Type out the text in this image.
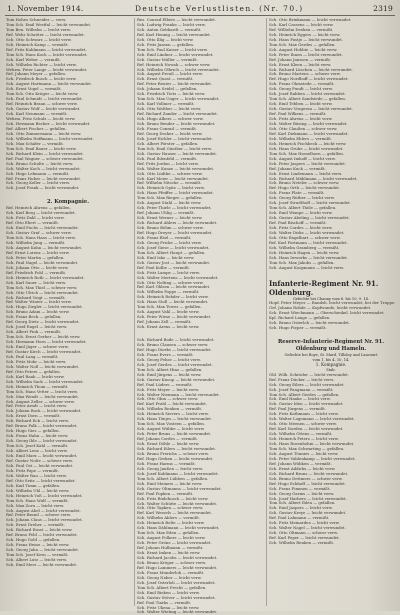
1. November 1914.	Deutsche Verlustlisten. (Nr. 70.)	2319
Tom Hohes Schneider — verw.
Tom Sch. Emil Westfal — leicht verwundet.
Tom Ben. Wilhelm — leicht verw.
Ref. Wehr Schröter — leicht verwundet.
Sch. Otto Schwarz — leicht verw.
Sch. Heinrich Kamp — vermißt.
Ref. Fritz Kuhlmann — leicht verwundet.
Tom Sch. Hans Koch — leicht verwundet.
Sch. Karl Weber — vermißt.
Sch. Wilhelm Richter — leicht verw.
Wehrm. Peter Lange — leicht verwundet.
Ref. Johann Meyer — gefallen.
Sch. Friedrich Busch — leicht verw.
Sch. August Hartmann — leicht verwundet.
Sch. Ernst Vogel — vermißt.
Tom Sch. Otto Krüger — leicht verw.
Sch. Paul Schmidt — leicht verwundet.
Ref. Heinrich Braun — schwer verw.
Sch. Gustav Wolf — leicht verwundet.
Sch. Karl Neumann — vermißt.
Wehrm. Fritz Schulz — leicht verw.
Sch. Hermann Becker — leicht verwundet.
Ref. Albert Fischer — gefallen.
Sch. Otto Zimmermann — leicht verw.
Sch. Wilhelm Hoffmann — leicht verwundet.
Sch. Max Schäfer — vermißt.
Tom Sch. Emil Bauer — leicht verw.
Sch. Richard Klein — leicht verwundet.
Ref. Paul Wagner — schwer verwundet.
Sch. Bruno Schulte — leicht verw.
Sch. Walter Koch — leicht verwundet.
Sch. Hugo Lehmann — vermißt.
Ref. Franz Huber — leicht verwundet.
Sch. Georg Keller — leicht verw.
Sch. Josef Frank — leicht verwundet.
2. Kompagnie.
Ref. Heinrich Ahrens — gefallen.
Sch. Karl Berg — leicht verwundet.
Sch. Fritz Dahl — leicht verw.
Ref. Otto Ebert — vermißt.
Sch. Emil Fuchs — leicht verwundet.
Sch. Gustav Graf — schwer verw.
Tom Sch. Hans Haas — leicht verw.
Sch. Wilhelm Jung — vermißt.
Sch. August Kuhn — leicht verwundet.
Ref. Ernst Lorenz — leicht verw.
Sch. Peter Martin — gefallen.
Sch. Paul Nagel — leicht verwundet.
Sch. Johann Otto — leicht verw.
Ref. Friedrich Pohl — vermißt.
Sch. Heinrich Roth — leicht verwundet.
Sch. Karl Sauer — leicht verw.
Tom Sch. Max Thiel — schwer verw.
Sch. Otto Ulrich — leicht verwundet.
Sch. Richard Voigt — vermißt.
Ref. Walter Winter — leicht verw.
Sch. Hugo Ziegler — leicht verwundet.
Sch. Bruno Adam — leicht verw.
Sch. Franz Beck — gefallen.
Ref. Georg Dietz — leicht verwundet.
Sch. Josef Engel — leicht verw.
Sch. Albert Fink — vermißt.
Tom Sch. Ernst Gerber — leicht verw.
Sch. Hermann Horn — leicht verwundet.
Sch. Emil Jäger — schwer verw.
Ref. Gustav Kirch — leicht verwundet.
Sch. Paul Lang — vermißt.
Sch. Fritz Mohr — leicht verw.
Sch. Walter Noll — leicht verwundet.
Ref. Otto Peters — gefallen.
Sch. Karl Raab — leicht verw.
Sch. Wilhelm Sack — leicht verwundet.
Sch. Heinrich Thom — vermißt.
Tom Sch. Hans Vetter — leicht verw.
Sch. Max Wendt — leicht verwundet.
Sch. August Zeller — schwer verw.
Ref. Peter Arndt — leicht verw.
Sch. Johann Bock — leicht verwundet.
Sch. Ernst Dorn — vermißt.
Sch. Richard Eck — leicht verw.
Ref. Bruno Falk — leicht verwundet.
Sch. Hugo Gies — gefallen.
Sch. Franz Hahn — leicht verw.
Sch. Georg Ihle — leicht verwundet.
Tom Sch. Josef Kahl — vermißt.
Sch. Albert Lenz — leicht verw.
Sch. Emil Marx — leicht verwundet.
Ref. Gustav Nolte — schwer verw.
Sch. Paul Ost — leicht verwundet.
Sch. Fritz Pape — vermißt.
Sch. Walter Rau — leicht verw.
Ref. Otto Seitz — leicht verwundet.
Sch. Karl Timm — gefallen.
Sch. Wilhelm Uhl — leicht verw.
Sch. Heinrich Voß — leicht verwundet.
Tom Sch. Hans Wulf — vermißt.
Sch. Max Zorn — leicht verw.
Sch. August Abel — leicht verwundet.
Ref. Peter Brand — schwer verw.
Sch. Johann Claus — leicht verwundet.
Sch. Ernst Dreher — vermißt.
Sch. Richard Ernst — leicht verw.
Ref. Bruno Feld — leicht verwundet.
Sch. Hugo Gold — gefallen.
Sch. Franz Heine — leicht verw.
Sch. Georg Jahn — leicht verwundet.
Tom Sch. Josef Kern — vermißt.
Sch. Albert Lutz — leicht verw.
Sch. Emil Merz — leicht verwundet.
Res. Conrad Elbers — leicht verwundet.
Sch. Ludwig Franke — leicht verw.
Sch. Anton Gebhardt — vermißt.
Ref. Karl Hennig — leicht verwundet.
Sch. Otto Illig — leicht verw.
Sch. Fritz Jansen — gefallen.
Tom Sch. Paul Kaiser — leicht verw.
Sch. Emil Lindner — leicht verwundet.
Sch. Gustav Müller — vermißt.
Ref. Heinrich Nowak — schwer verw.
Sch. Wilhelm Olbrich — leicht verwundet.
Sch. August Preuß — leicht verw.
Sch. Ernst Quast — vermißt.
Ref. Peter Reuter — leicht verwundet.
Sch. Johann Seidel — gefallen.
Sch. Friedrich Tietz — leicht verw.
Tom Sch. Max Unger — leicht verwundet.
Sch. Karl Vollmer — vermißt.
Sch. Otto Walther — leicht verw.
Ref. Richard Zander — leicht verwundet.
Sch. Hugo Albers — schwer verw.
Sch. Bruno Bender — leicht verwundet.
Sch. Franz Conrad — vermißt.
Ref. Georg Decker — leicht verw.
Sch. Josef Eichler — leicht verwundet.
Sch. Albert Förster — gefallen.
Tom Sch. Emil Günther — leicht verw.
Sch. Gustav Hauser — leicht verwundet.
Sch. Paul Ihlenfeld — vermißt.
Ref. Fritz Jordan — leicht verw.
Sch. Walter Kunze — leicht verwundet.
Sch. Otto Lüdtke — schwer verw.
Sch. Karl Meier — leicht verwundet.
Ref. Wilhelm Nitsche — vermißt.
Sch. Heinrich Opitz — leicht verw.
Sch. Hans Pfeiffer — leicht verwundet.
Tom Sch. Max Rieger — gefallen.
Sch. August Stahl — leicht verw.
Sch. Peter Thiele — leicht verwundet.
Ref. Johann Uhlig — vermißt.
Sch. Ernst Werner — leicht verw.
Sch. Richard Ahlers — leicht verwundet.
Sch. Bruno Böhm — schwer verw.
Ref. Hugo Dreyer — leicht verwundet.
Sch. Franz Ebel — vermißt.
Sch. Georg Fricke — leicht verw.
Sch. Josef Giese — leicht verwundet.
Tom Sch. Albert Haupt — gefallen.
Sch. Emil Iske — leicht verw.
Sch. Gustav Jost — leicht verwundet.
Ref. Paul Kolbe — vermißt.
Sch. Fritz Lampe — leicht verw.
Sch. Walter Mertens — leicht verwundet.
Sch. Otto Nolting — schwer verw.
Ref. Karl Ohlsen — leicht verwundet.
Sch. Wilhelm Poppe — vermißt.
Sch. Heinrich Rehder — leicht verw.
Sch. Hans Stoll — leicht verwundet.
Tom Sch. Max Tewes — gefallen.
Sch. August Vahl — leicht verw.
Sch. Peter Wiese — leicht verwundet.
Ref. Johann Zell — vermißt.
Sch. Ernst Arens — leicht verw.
Sch. Richard Bode — leicht verwundet.
Sch. Bruno Clausen — schwer verw.
Ref. Hugo Dierks — leicht verwundet.
Sch. Franz Evers — vermißt.
Sch. Georg Fehse — leicht verw.
Sch. Josef Gerdes — leicht verwundet.
Tom Sch. Albert Hinz — gefallen.
Sch. Emil Jürgens — leicht verw.
Sch. Gustav Knoop — leicht verwundet.
Ref. Paul Lüders — vermißt.
Sch. Fritz Meyer — leicht verw.
Sch. Walter Niemann — leicht verwundet.
Sch. Otto Ohm — schwer verw.
Ref. Karl Prahl — leicht verwundet.
Sch. Wilhelm Renken — vermißt.
Sch. Heinrich Sievers — leicht verw.
Sch. Hans Tönjes — leicht verwundet.
Tom Sch. Max Vosteen — gefallen.
Sch. August Wübbe — leicht verw.
Sch. Peter Bruns — leicht verwundet.
Ref. Johann Cordes — vermißt.
Sch. Ernst Döhle — leicht verw.
Sch. Richard Eilers — leicht verwundet.
Sch. Bruno Frerichs — schwer verw.
Ref. Hugo Gerken — leicht verwundet.
Sch. Franz Harms — vermißt.
Sch. Georg Janßen — leicht verw.
Sch. Josef Kuhlmann — leicht verwundet.
Tom Sch. Albert Lübben — gefallen.
Sch. Emil Meiners — leicht verw.
Sch. Gustav Oltmanns — leicht verwundet.
Ref. Paul Popken — vermißt.
Sch. Fritz Rüdebusch — leicht verw.
Sch. Walter Schütte — leicht verwundet.
Sch. Otto Tapken — schwer verw.
Ref. Karl Wessels — leicht verwundet.
Sch. Wilhelm Ahlers — vermißt.
Sch. Heinrich Bolte — leicht verw.
Sch. Hans Dählmann — leicht verwundet.
Tom Sch. Max Eden — gefallen.
Sch. August Folkers — leicht verw.
Sch. Peter Gröne — leicht verwundet.
Ref. Johann Hullmann — vermißt.
Sch. Ernst Imken — leicht verw.
Sch. Richard Jacobs — leicht verwundet.
Sch. Bruno Kröger — schwer verw.
Ref. Hugo Lammers — leicht verwundet.
Sch. Franz Munderloh — vermißt.
Sch. Georg Naber — leicht verw.
Sch. Josef Osterloh — leicht verwundet.
Tom Sch. Albert Precht — gefallen.
Sch. Emil Rieken — leicht verw.
Sch. Gustav Stöver — leicht verwundet.
Ref. Paul Tiarks — vermißt.
Sch. Fritz Ukena — leicht verw.
Sch. Walter Wieting — leicht verwundet.
Sch. Otto Brinkmann — leicht verwundet.
Sch. Karl Cassens — leicht verw.
Ref. Wilhelm Deeken — vermißt.
Sch. Heinrich Eggers — leicht verw.
Sch. Hans Fastje — leicht verwundet.
Tom Sch. Max Gerdes — gefallen.
Sch. August Hobbie — leicht verw.
Sch. Peter Ihnen — leicht verwundet.
Ref. Johann Janssen — vermißt.
Sch. Ernst Kleen — leicht verw.
Sch. Richard Lüschen — leicht verwundet.
Sch. Bruno Martens — schwer verw.
Ref. Hugo Nordhoff — leicht verwundet.
Sch. Franz Ohmstede — vermißt.
Sch. Georg Pundt — leicht verw.
Sch. Josef Rabben — leicht verwundet.
Tom Sch. Albert Sandstede — gefallen.
Sch. Emil Tebben — leicht verw.
Sch. Gustav Vosgerau — leicht verwundet.
Ref. Paul Wilkens — vermißt.
Sch. Fritz Ahrens — leicht verw.
Sch. Walter Büsing — leicht verwundet.
Sch. Otto Claußen — schwer verw.
Ref. Karl Diekmann — leicht verwundet.
Sch. Wilhelm Ehlers — vermißt.
Sch. Heinrich Fischbeck — leicht verw.
Sch. Hans Grube — leicht verwundet.
Tom Sch. Max Hasselhorn — gefallen.
Sch. August Imhoff — leicht verw.
Sch. Peter Jaspers — leicht verwundet.
Ref. Johann Kuck — vermißt.
Sch. Ernst Lindemann — leicht verw.
Sch. Richard Mählmann — leicht verwundet.
Sch. Bruno Neteler — schwer verw.
Ref. Hugo Orth — leicht verwundet.
Sch. Franz Plate — vermißt.
Sch. Georg Rüther — leicht verw.
Sch. Josef Strudthoff — leicht verwundet.
Tom Sch. Albert Thöle — gefallen.
Sch. Emil Wempe — leicht verw.
Sch. Gustav Abeling — leicht verwundet.
Ref. Paul Bischoff — vermißt.
Sch. Fritz Cordes — leicht verw.
Sch. Walter Dirks — leicht verwundet.
Sch. Otto Engelbart — schwer verw.
Ref. Karl Fortmann — leicht verwundet.
Sch. Wilhelm Gramberg — vermißt.
Sch. Heinrich Hagen — leicht verw.
Sch. Hans Iwwerks — leicht verwundet.
Tom Sch. Max Jakobs — gefallen.
Sch. August Koopmann — leicht verw.
Infanterie-Regiment Nr. 91. Oldenburg.
Gefechte bei Chauny vom 8. bis 10. 9. 14.
Hopf. Peter Meyer — Rundsh. leicht verwundet, bei der Truppe.
Gef. Johann Rohde — Kopfwunde, leicht verwundet.
Sch. Ernst Wiechmann — Oberschenkel, leicht verwundet.
Kpl. Richard Lange — gefallen.
Sch. Bruno Osterloh — leicht verwundet.
Sch. Hugo Pieper — vermißt.
Reserve-Infanterie-Regiment Nr. 91.
Oldenburg und Hameln.
Gefechte bei Roye, St. Mard, Tilloloy und Laucourt
vom 1. bis 4. 10. 14.
1. Kompagnie.
Stab.
Obl. Wilh. Schröder — leicht verwundet.
Ref. Franz Dücker — leicht verw.
Sch. Georg Eilers — leicht verwundet.
Sch. Josef Fangmann — vermißt.
Tom Sch. Albert Gerdes — gefallen.
Sch. Emil Haake — leicht verw.
Sch. Gustav Iden — leicht verwundet.
Ref. Paul Jürgens — vermißt.
Sch. Fritz Kathmann — leicht verw.
Sch. Walter Logemann — leicht verwundet.
Sch. Otto Meenen — schwer verw.
Ref. Karl Norden — leicht verwundet.
Sch. Wilhelm Ottens — vermißt.
Sch. Heinrich Peters — leicht verw.
Sch. Hans Rosenbohm — leicht verwundet.
Tom Sch. Max Schwarting — gefallen.
Sch. August Tönnies — leicht verw.
Sch. Peter Vahlenkamp — leicht verwundet.
Ref. Johann Wöbken — vermißt.
Sch. Ernst Addicks — leicht verw.
Sch. Richard Bruns — leicht verwundet.
Sch. Bruno Dettmers — schwer verw.
Ref. Hugo Eckhoff — leicht verwundet.
Sch. Franz Fimmen — vermißt.
Sch. Georg Garms — leicht verw.
Sch. Josef Harbers — leicht verwundet.
Tom Sch. Albert Ihlen — gefallen.
Sch. Emil Jaspers — leicht verw.
Sch. Gustav Kreye — leicht verwundet.
Ref. Paul Lahmann — vermißt.
Sch. Fritz Meinardus — leicht verw.
Sch. Walter Nagel — leicht verwundet.
Sch. Otto Oltmann — schwer verw.
Ref. Karl Peper — leicht verwundet.
Sch. Wilhelm Renken — vermißt.
